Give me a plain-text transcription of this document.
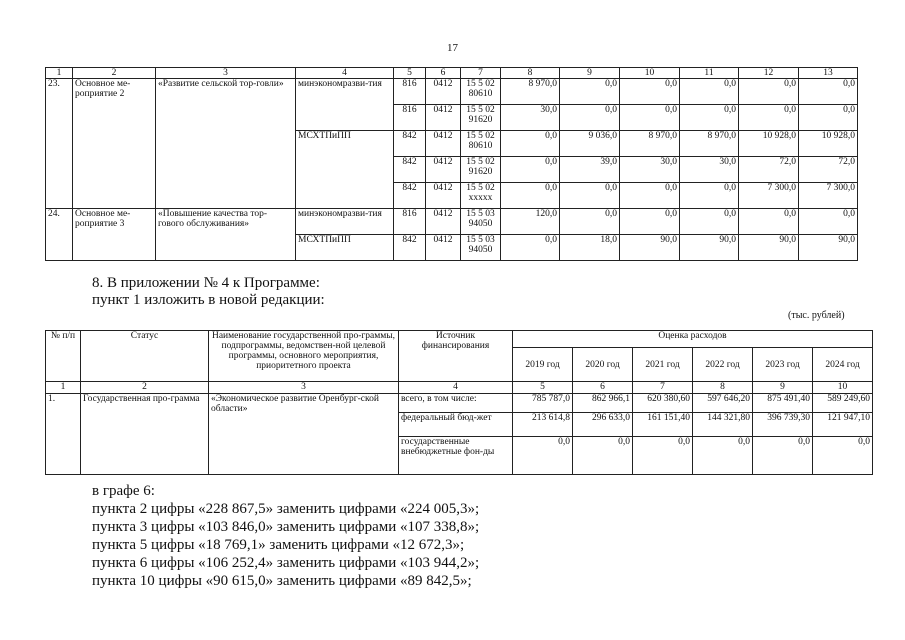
17
1	2	3	4	5	6	7	8	9	10	11	12	13
23.	Основное ме-роприятие 2	«Развитие сельской тор-говли»	минэкономразви-тия	816	0412	15 5 02 80610	8 970,0	0,0	0,0	0,0	0,0	0,0
				816	0412	15 5 02 91620	30,0	0,0	0,0	0,0	0,0	0,0
			МСХТПиПП	842	0412	15 5 02 80610	0,0	9 036,0	8 970,0	8 970,0	10 928,0	10 928,0
				842	0412	15 5 02 91620	0,0	39,0	30,0	30,0	72,0	72,0
				842	0412	15 5 02 xxxxx	0,0	0,0	0,0	0,0	7 300,0	7 300,0
24.	Основное ме-роприятие 3	«Повышение качества тор-гового обслуживания»	минэкономразви-тия	816	0412	15 5 03 94050	120,0	0,0	0,0	0,0	0,0	0,0
			МСХТПиПП	842	0412	15 5 03 94050	0,0	18,0	90,0	90,0	90,0	90,0
8. В приложении № 4 к Программе:
пункт 1 изложить в новой редакции:
(тыс. рублей)
№ п/п	Статус	Наименование государственной про-граммы, подпрограммы, ведомствен-ной целевой программы, основного мероприятия, приоритетного проекта	Источник финансирования	Оценка расходов					
				2019 год	2020 год	2021 год	2022 год	2023 год	2024 год
1	2	3	4	5	6	7	8	9	10
1.	Государственная про-грамма	«Экономическое развитие Оренбург-ской области»	всего, в том числе:	785 787,0	862 966,1	620 380,60	597 646,20	875 491,40	589 249,60
			федеральный бюд-жет	213 614,8	296 633,0	161 151,40	144 321,80	396 739,30	121 947,10
			государственные внебюджетные фон-ды	0,0	0,0	0,0	0,0	0,0	0,0
в графе 6:
пункта 2 цифры «228 867,5» заменить цифрами «224 005,3»;
пункта 3 цифры «103 846,0» заменить цифрами «107 338,8»;
пункта 5 цифры «18 769,1» заменить цифрами «12 672,3»;
пункта 6 цифры «106 252,4» заменить цифрами «103 944,2»;
пункта 10 цифры «90 615,0» заменить цифрами «89 842,5»;
